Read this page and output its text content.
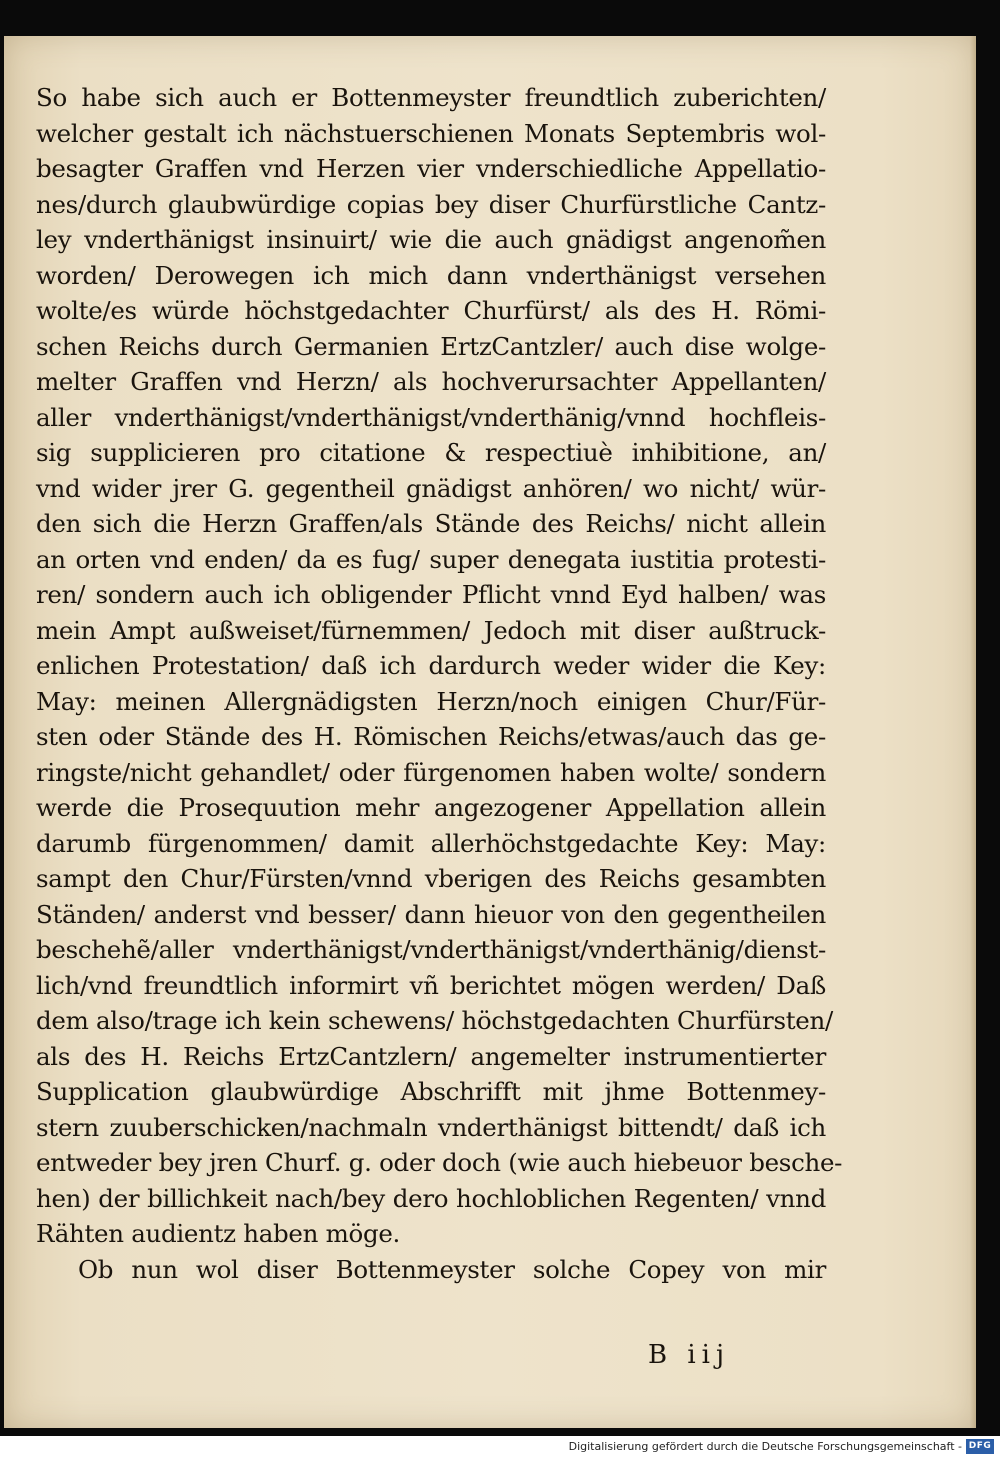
So habe sich auch er Bottenmeyster freundtlich zuberichten/
welcher gestalt ich nächstuerschienen Monats Septembris wol-
besagter Graffen vnd Herzen vier vnderschiedliche Appellatio-
nes/durch glaubwürdige copias bey diser Churfürstliche Cantz-
ley vnderthänigst insinuirt/ wie die auch gnädigst angenom̃en
worden/ Derowegen ich mich dann vnderthänigst versehen
wolte/es würde höchstgedachter Churfürst/ als des H. Römi-
schen Reichs durch Germanien ErtzCantzler/ auch dise wolge-
melter Graffen vnd Herzn/ als hochverursachter Appellanten/
aller vnderthänigst/vnderthänigst/vnderthänig/vnnd hochfleis-
sig supplicieren pro citatione & respectiuè inhibitione, an/
vnd wider jrer G. gegentheil gnädigst anhören/ wo nicht/ wür-
den sich die Herzn Graffen/als Stände des Reichs/ nicht allein
an orten vnd enden/ da es fug/ super denegata iustitia protesti-
ren/ sondern auch ich obligender Pflicht vnnd Eyd halben/ was
mein Ampt außweiset/fürnemmen/ Jedoch mit diser außtruck-
enlichen Protestation/ daß ich dardurch weder wider die Key:
May: meinen Allergnädigsten Herzn/noch einigen Chur/Für-
sten oder Stände des H. Römischen Reichs/etwas/auch das ge-
ringste/nicht gehandlet/ oder fürgenomen haben wolte/ sondern
werde die Prosequution mehr angezogener Appellation allein
darumb fürgenommen/ damit allerhöchstgedachte Key: May:
sampt den Chur/Fürsten/vnnd vberigen des Reichs gesambten
Ständen/ anderst vnd besser/ dann hieuor von den gegentheilen
beschehẽ/aller vnderthänigst/vnderthänigst/vnderthänig/dienst-
lich/vnd freundtlich informirt vñ berichtet mögen werden/ Daß
dem also/trage ich kein schewens/ höchstgedachten Churfürsten/
als des H. Reichs ErtzCantzlern/ angemelter instrumentierter
Supplication glaubwürdige Abschrifft mit jhme Bottenmey-
stern zuuberschicken/nachmaln vnderthänigst bittendt/ daß ich
entweder bey jren Churf. g. oder doch (wie auch hiebeuor besche-
hen) der billichkeit nach/bey dero hochloblichen Regenten/ vnnd
Rähten audientz haben möge.
Ob nun wol diser Bottenmeyster solche Copey von mir
B iij
Digitalisierung gefördert durch die Deutsche Forschungsgemeinschaft - DFG
